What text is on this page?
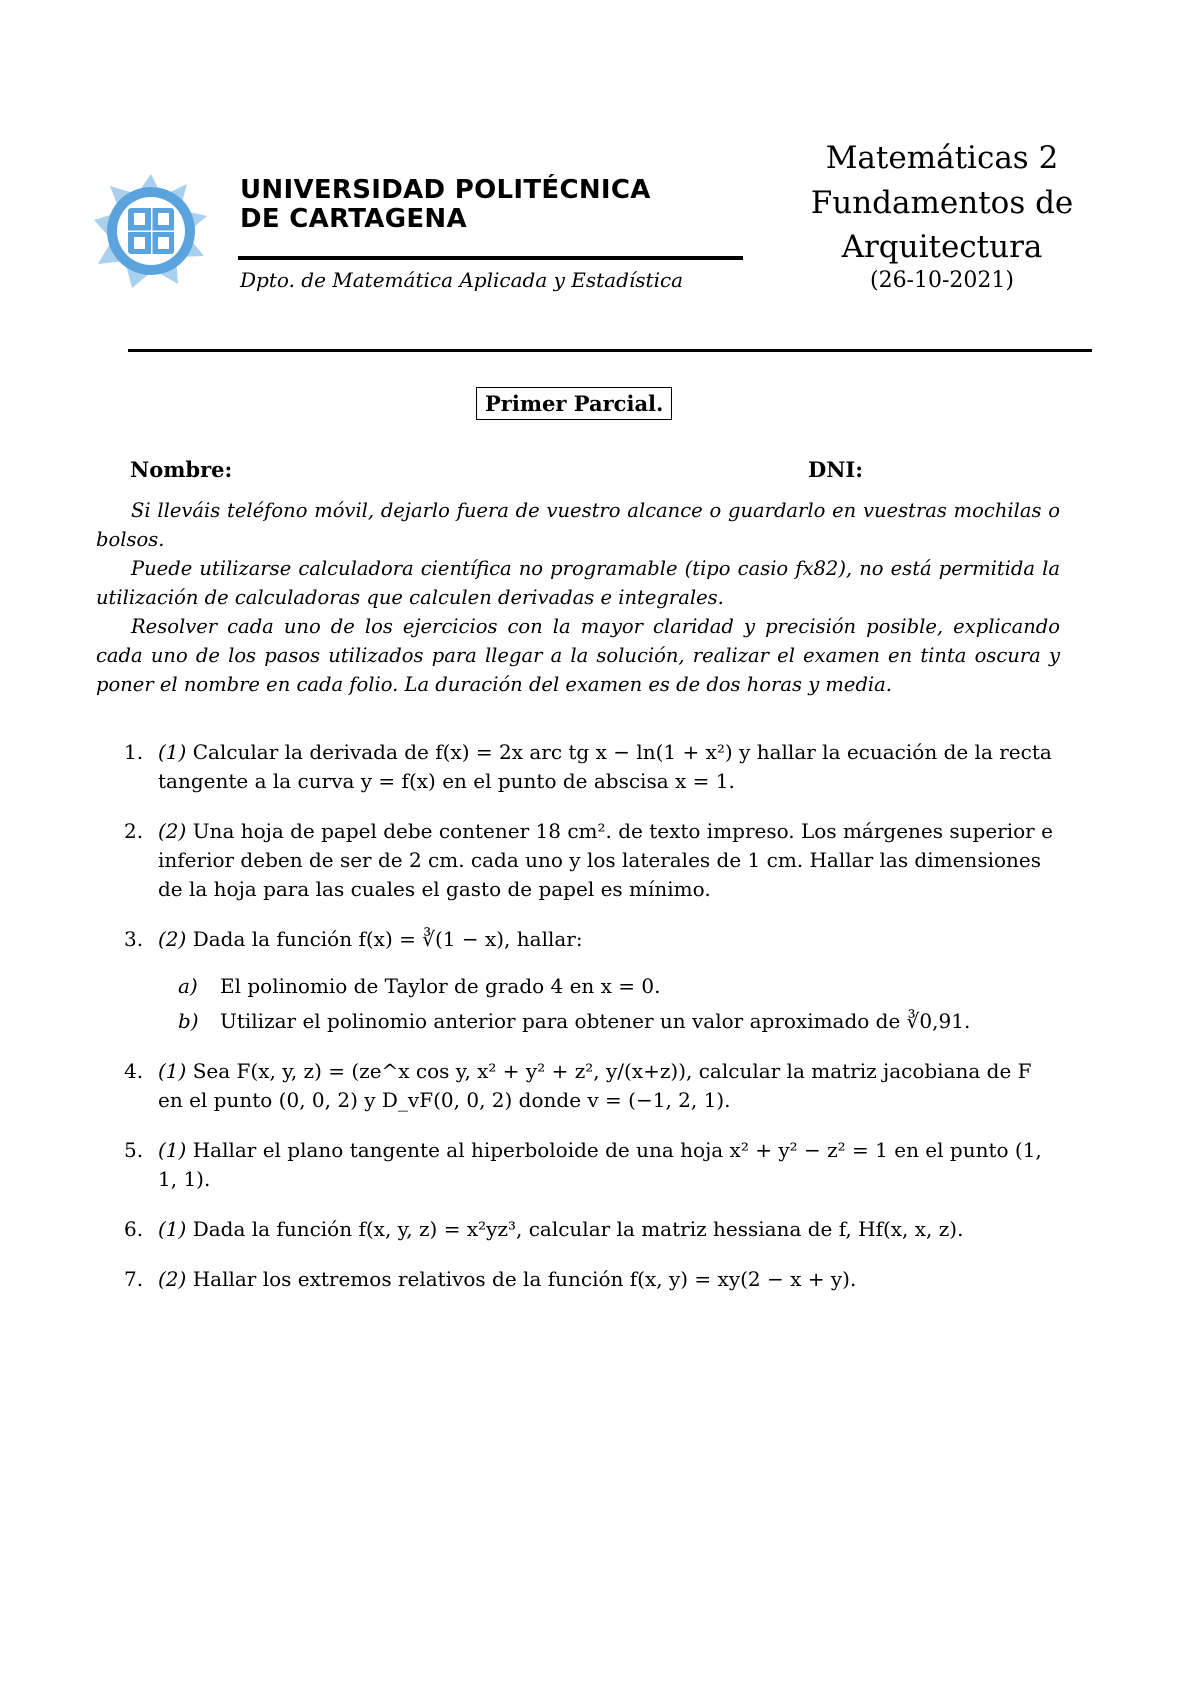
UNIVERSIDAD POLITÉCNICA
DE CARTAGENA
Dpto. de Matemática Aplicada y Estadística
Matemáticas 2
Fundamentos de
Arquitectura
(26-10-2021)
Primer Parcial.
Nombre:	DNI:

Si lleváis teléfono móvil, dejarlo fuera de vuestro alcance o guardarlo en vuestras mochilas o bolsos.

Puede utilizarse calculadora científica no programable (tipo casio fx82), no está permitida la utilización de calculadoras que calculen derivadas e integrales.

Resolver cada uno de los ejercicios con la mayor claridad y precisión posible, explicando cada uno de los pasos utilizados para llegar a la solución, realizar el examen en tinta oscura y poner el nombre en cada folio. La duración del examen es de dos horas y media.

1. (1) Calcular la derivada de f(x) = 2x arc tg x − ln(1 + x²) y hallar la ecuación de la recta tangente a la curva y = f(x) en el punto de abscisa x = 1.
2. (2) Una hoja de papel debe contener 18 cm². de texto impreso. Los márgenes superior e inferior deben de ser de 2 cm. cada uno y los laterales de 1 cm. Hallar las dimensiones de la hoja para las cuales el gasto de papel es mínimo.
3. (2) Dada la función f(x) = ∛(1 − x), hallar:
a) El polinomio de Taylor de grado 4 en x = 0.
b) Utilizar el polinomio anterior para obtener un valor aproximado de ∛0,91.
4. (1) Sea F(x, y, z) = (ze^x cos y, x² + y² + z², y/(x+z)), calcular la matriz jacobiana de F en el punto (0, 0, 2) y D_vF(0, 0, 2) donde v = (−1, 2, 1).
5. (1) Hallar el plano tangente al hiperboloide de una hoja x² + y² − z² = 1 en el punto (1, 1, 1).
6. (1) Dada la función f(x, y, z) = x²yz³, calcular la matriz hessiana de f, Hf(x, x, z).
7. (2) Hallar los extremos relativos de la función f(x, y) = xy(2 − x + y).
